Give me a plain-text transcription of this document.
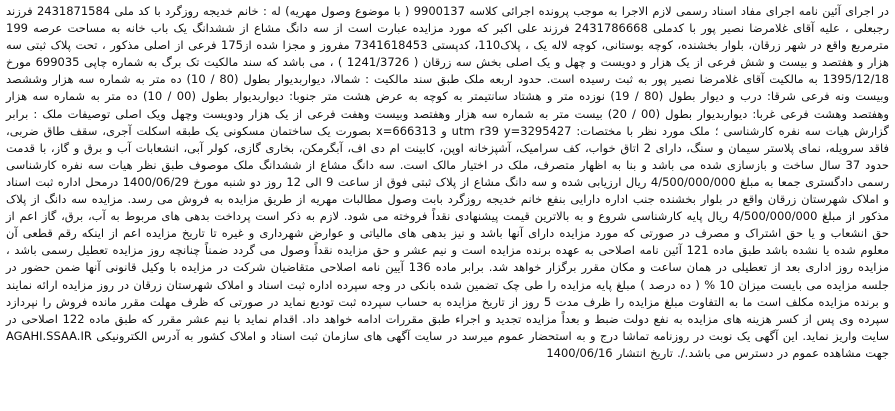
در اجرای آئین نامه اجرای مفاد اسناد رسمی لازم الاجرا به موجب پرونده اجرائی کلاسه 9900137 ( با موضوع وصول مهریه) له : خانم خدیجه روزگرد با کد ملی 2431871584 فرزند رجبعلی ، علیه آقای غلامرضا نصیر پور با کدملی 2431786668 فرزند علی اکبر که مورد مزایده عبارت است از سه دانگ مشاع از ششدانگ یک باب خانه به مساحت عرصه 199 مترمربع واقع در شهر زرقان، بلوار بخشنده، کوچه بوستانی، کوچه لاله یک ، پلاک110، کدپستی 7341618453 مفروز و مجزا شده از175 فرعی از اصلی مذکور ، تحت پلاک ثبتی سه هزار و هفتصد و بیست و شش فرعی از یک هزار و دویست و چهل و یک اصلی بخش سه زرقان ( 1241/3726 ) ، می باشد که سند مالکیت تک برگ به شماره چاپی 699035 مورخ 1395/12/18 به مالکیت آقای غلامرضا نصیر پور به ثبت رسیده است. حدود اربعه ملک طبق سند مالکیت : شمالا، دیواربدیوار بطول (80 / 10) ده متر به شماره سه هزار وششصد وبیست ونه فرعی شرقا: درب و دیوار بطول (80 / 19) نوزده متر و هشتاد سانتیمتر به کوچه به عرض هشت متر جنوبا: دیواربدیوار بطول (00 / 10) ده متر به شماره سه هزار وهفتصد وهشت فرعی غربا: دیواربدیوار بطول (00 / 20) بیست متر به شماره سه هزار وهفتصد وبیست وهفت فرعی از یک هزار ودویست وچهل ویک اصلی توصیفات ملک : برابر گزارش هیات سه نفره کارشناسی ؛ ملک مورد نظر با مختصات: utm r39 y=3295427 و x=666313 بصورت یک ساختمان مسکونی یک طبقه اسکلت آجری، سقف طاق ضربی، فاقد سرویله، نمای پلاستر سیمان و سنگ، دارای 2 اتاق خواب، کف سرامیک، آشپزخانه اوپن، کابینت ام دی اف، آبگرمکن، بخاری گازی، کولر آبی، انشعابات آب و برق و گاز، با قدمت حدود 37 سال ساخت و بازسازی شده می باشد و بنا به اظهار متصرف، ملک در اختیار مالک است. سه دانگ مشاع از ششدانگ ملک موصوف طبق نظر هیات سه نفره کارشناسی رسمی دادگستری جمعا به مبلغ 4/500/000/000 ریال ارزیابی شده و سه دانگ مشاع از پلاک ثبتی فوق از ساعت 9 الی 12 روز دو شنبه مورخ 1400/06/29 درمحل اداره ثبت اسناد و املاک شهرستان زرقان واقع در بلوار بخشنده جنب اداره دارایی بنفع خانم خدیجه روزگرد بابت وصول مطالبات مهریه از طریق مزایده به فروش می رسد. مزایده سه دانگ از پلاک مذکور از مبلغ 4/500/000/000 ریال پایه کارشناسی شروع و به بالاترین قیمت پیشنهادی نقداً فروخته می شود. لازم به ذکر است پرداخت بدهی های مربوط به آب، برق، گاز اعم از حق انشعاب و یا حق اشتراک و مصرف در صورتی که مورد مزایده دارای آنها باشد و نیز بدهی های مالیاتی و عوارض شهرداری و غیره تا تاریخ مزایده اعم از اینکه رقم قطعی آن معلوم شده یا نشده باشد طبق ماده 121 آئین نامه اصلاحی به عهده برنده مزایده است و نیم عشر و حق مزایده نقداً وصول می گردد ضمناً چنانچه روز مزایده تعطیل رسمی باشد ، مزایده روز اداری بعد از تعطیلی در همان ساعت و مکان مقرر برگزار خواهد شد. برابر ماده 136 آیین نامه اصلاحی متقاضیان شرکت در مزایده با وکیل قانونی آنها ضمن حضور در جلسه مزایده می بایست میزان 10 % ( ده درصد ) مبلغ پایه مزایده را طی چک تضمین شده بانکی در وجه سپرده اداره ثبت اسناد و املاک شهرستان زرقان در روز مزایده ارائه نمایند و برنده مزایده مکلف است ما به التفاوت مبلغ مزایده را ظرف مدت 5 روز از تاریخ مزایده به حساب سپرده ثبت تودیع نماید در صورتی که ظرف مهلت مقرر مانده فروش را نپردازد سپرده وی پس از کسر هزینه های مزایده به نفع دولت ضبط و بعداً مزایده تجدید و اجراء طبق مقررات ادامه خواهد داد. اقدام نماید با نیم عشر مقرر که طبق ماده 122 اصلاحی در سایت واریز نماید. این آگهی یک نوبت در روزنامه تماشا درج و به استحضار عموم میرسد در سایت آگهی های سازمان ثبت اسناد و املاک کشور به آدرس الکترونیکی AGAHI.SSAA.IR جهت مشاهده عموم در دسترس می باشد./. تاریخ انتشار 1400/06/16
